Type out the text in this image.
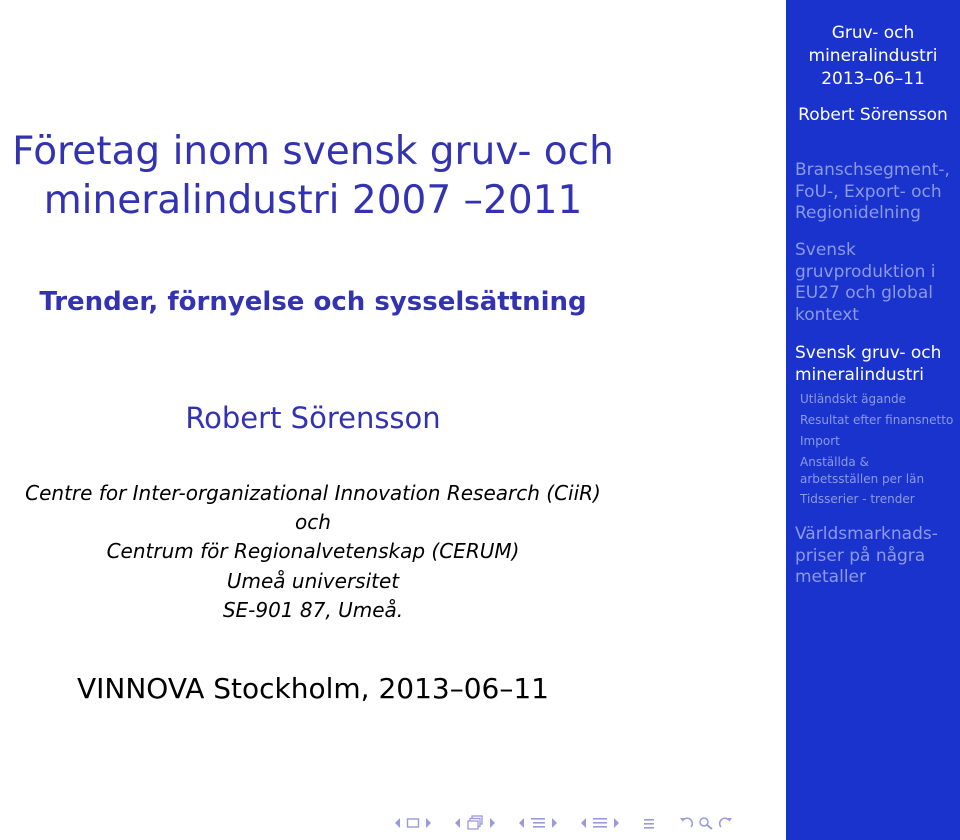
Företag inom svensk gruv- och
mineralindustri 2007 –2011
Trender, förnyelse och sysselsättning
Robert Sörensson
Centre for Inter-organizational Innovation Research (CiiR)
och
Centrum för Regionalvetenskap (CERUM)
Umeå universitet
SE-901 87, Umeå.
VINNOVA Stockholm, 2013–06–11
Gruv- och
mineralindustri
2013–06–11
Robert Sörensson
Branschsegment-,
FoU-, Export- och
Regionidelning
Svensk
gruvproduktion i
EU27 och global
kontext
Svensk gruv- och
mineralindustri
Utländskt ägande
Resultat efter finansnetto
Import
Anställda & arbetsställen per län
Tidsserier - trender
Världsmarknads-
priser på några
metaller
